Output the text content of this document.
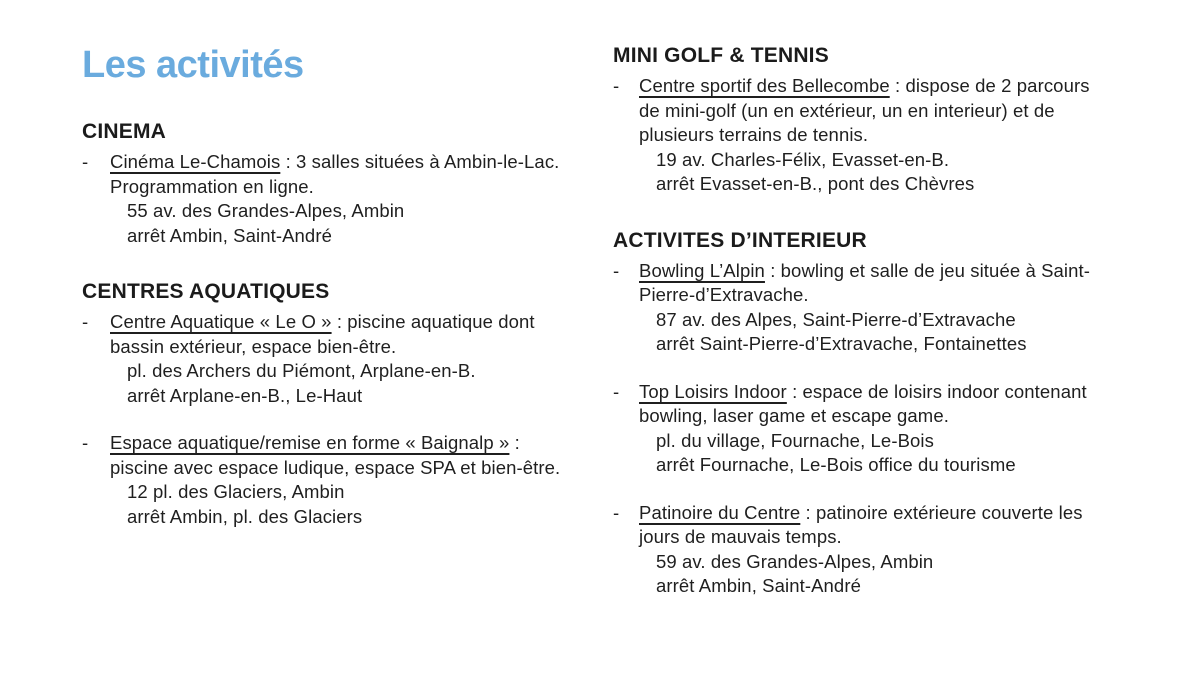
Les activités
CINEMA
-	Cinéma Le-Chamois : 3 salles situées à Ambin-le-Lac. Programmation en ligne.

55 av. des Grandes-Alpes, Ambin

arrêt Ambin, Saint-André

CENTRES AQUATIQUES
-	Centre Aquatique « Le O » : piscine aquatique dont bassin extérieur, espace bien-être.

pl. des Archers du Piémont, Arplane-en-B.

arrêt Arplane-en-B., Le-Haut

-	Espace aquatique/remise en forme « Baignalp » : piscine avec espace ludique, espace SPA et bien-être.

12 pl. des Glaciers, Ambin

arrêt Ambin, pl. des Glaciers

MINI GOLF & TENNIS
-	Centre sportif des Bellecombe : dispose de 2 parcours de mini-golf (un en extérieur, un en interieur) et de plusieurs terrains de tennis.

19 av. Charles-Félix, Evasset-en-B.

arrêt Evasset-en-B., pont des Chèvres

ACTIVITES D’INTERIEUR
-	Bowling L’Alpin : bowling et salle de jeu située à Saint-Pierre-d’Extravache.

87 av. des Alpes, Saint-Pierre-d’Extravache

arrêt Saint-Pierre-d’Extravache, Fontainettes

-	Top Loisirs Indoor : espace de loisirs indoor contenant bowling, laser game et escape game.

pl. du village, Fournache, Le-Bois

arrêt Fournache, Le-Bois office du tourisme

-	Patinoire du Centre : patinoire extérieure couverte les jours de mauvais temps.

59 av. des Grandes-Alpes, Ambin

arrêt Ambin, Saint-André
